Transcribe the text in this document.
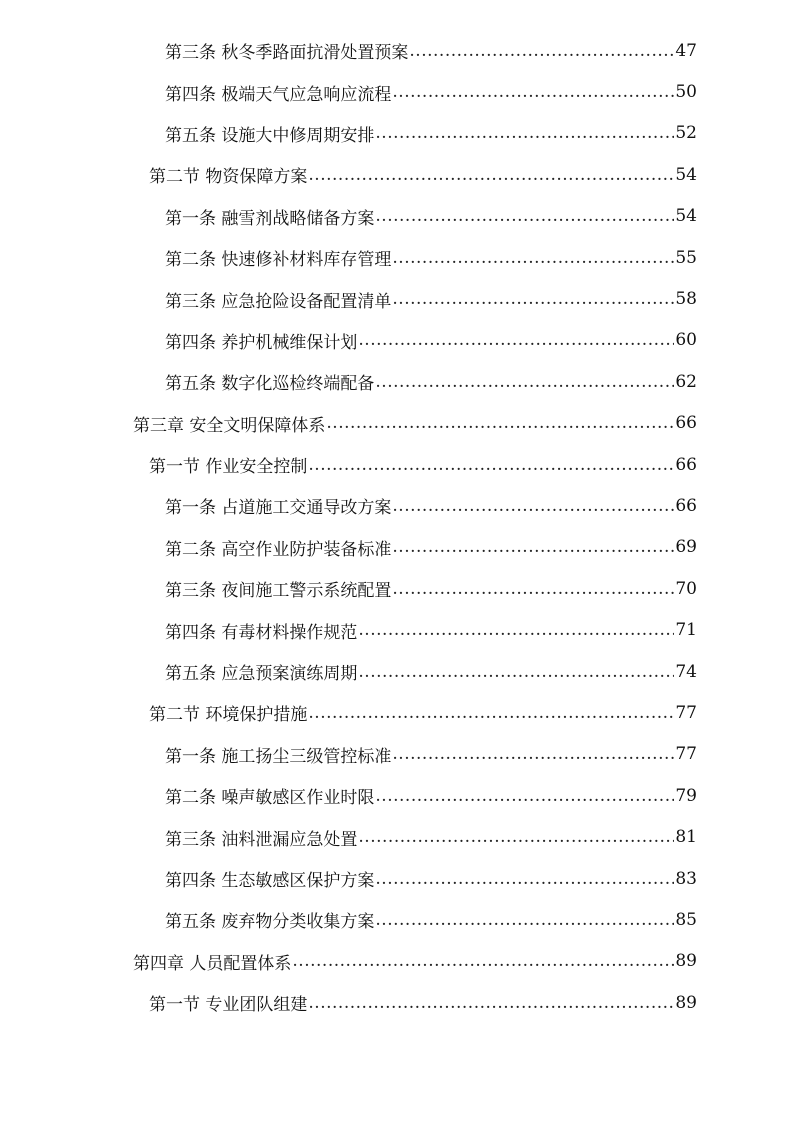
第三条 秋冬季路面抗滑处置预案 .....	47
第四条 极端天气应急响应流程 .....	50
第五条 设施大中修周期安排 .....	52
第二节 物资保障方案 .....	54
第一条 融雪剂战略储备方案 .....	54
第二条 快速修补材料库存管理 .....	55
第三条 应急抢险设备配置清单 .....	58
第四条 养护机械维保计划 .....	60
第五条 数字化巡检终端配备 .....	62
第三章 安全文明保障体系 .....	66
第一节 作业安全控制 .....	66
第一条 占道施工交通导改方案 .....	66
第二条 高空作业防护装备标准 .....	69
第三条 夜间施工警示系统配置 .....	70
第四条 有毒材料操作规范 .....	71
第五条 应急预案演练周期 .....	74
第二节 环境保护措施 .....	77
第一条 施工扬尘三级管控标准 .....	77
第二条 噪声敏感区作业时限 .....	79
第三条 油料泄漏应急处置 .....	81
第四条 生态敏感区保护方案 .....	83
第五条 废弃物分类收集方案 .....	85
第四章 人员配置体系 .....	89
第一节 专业团队组建 .....	89
